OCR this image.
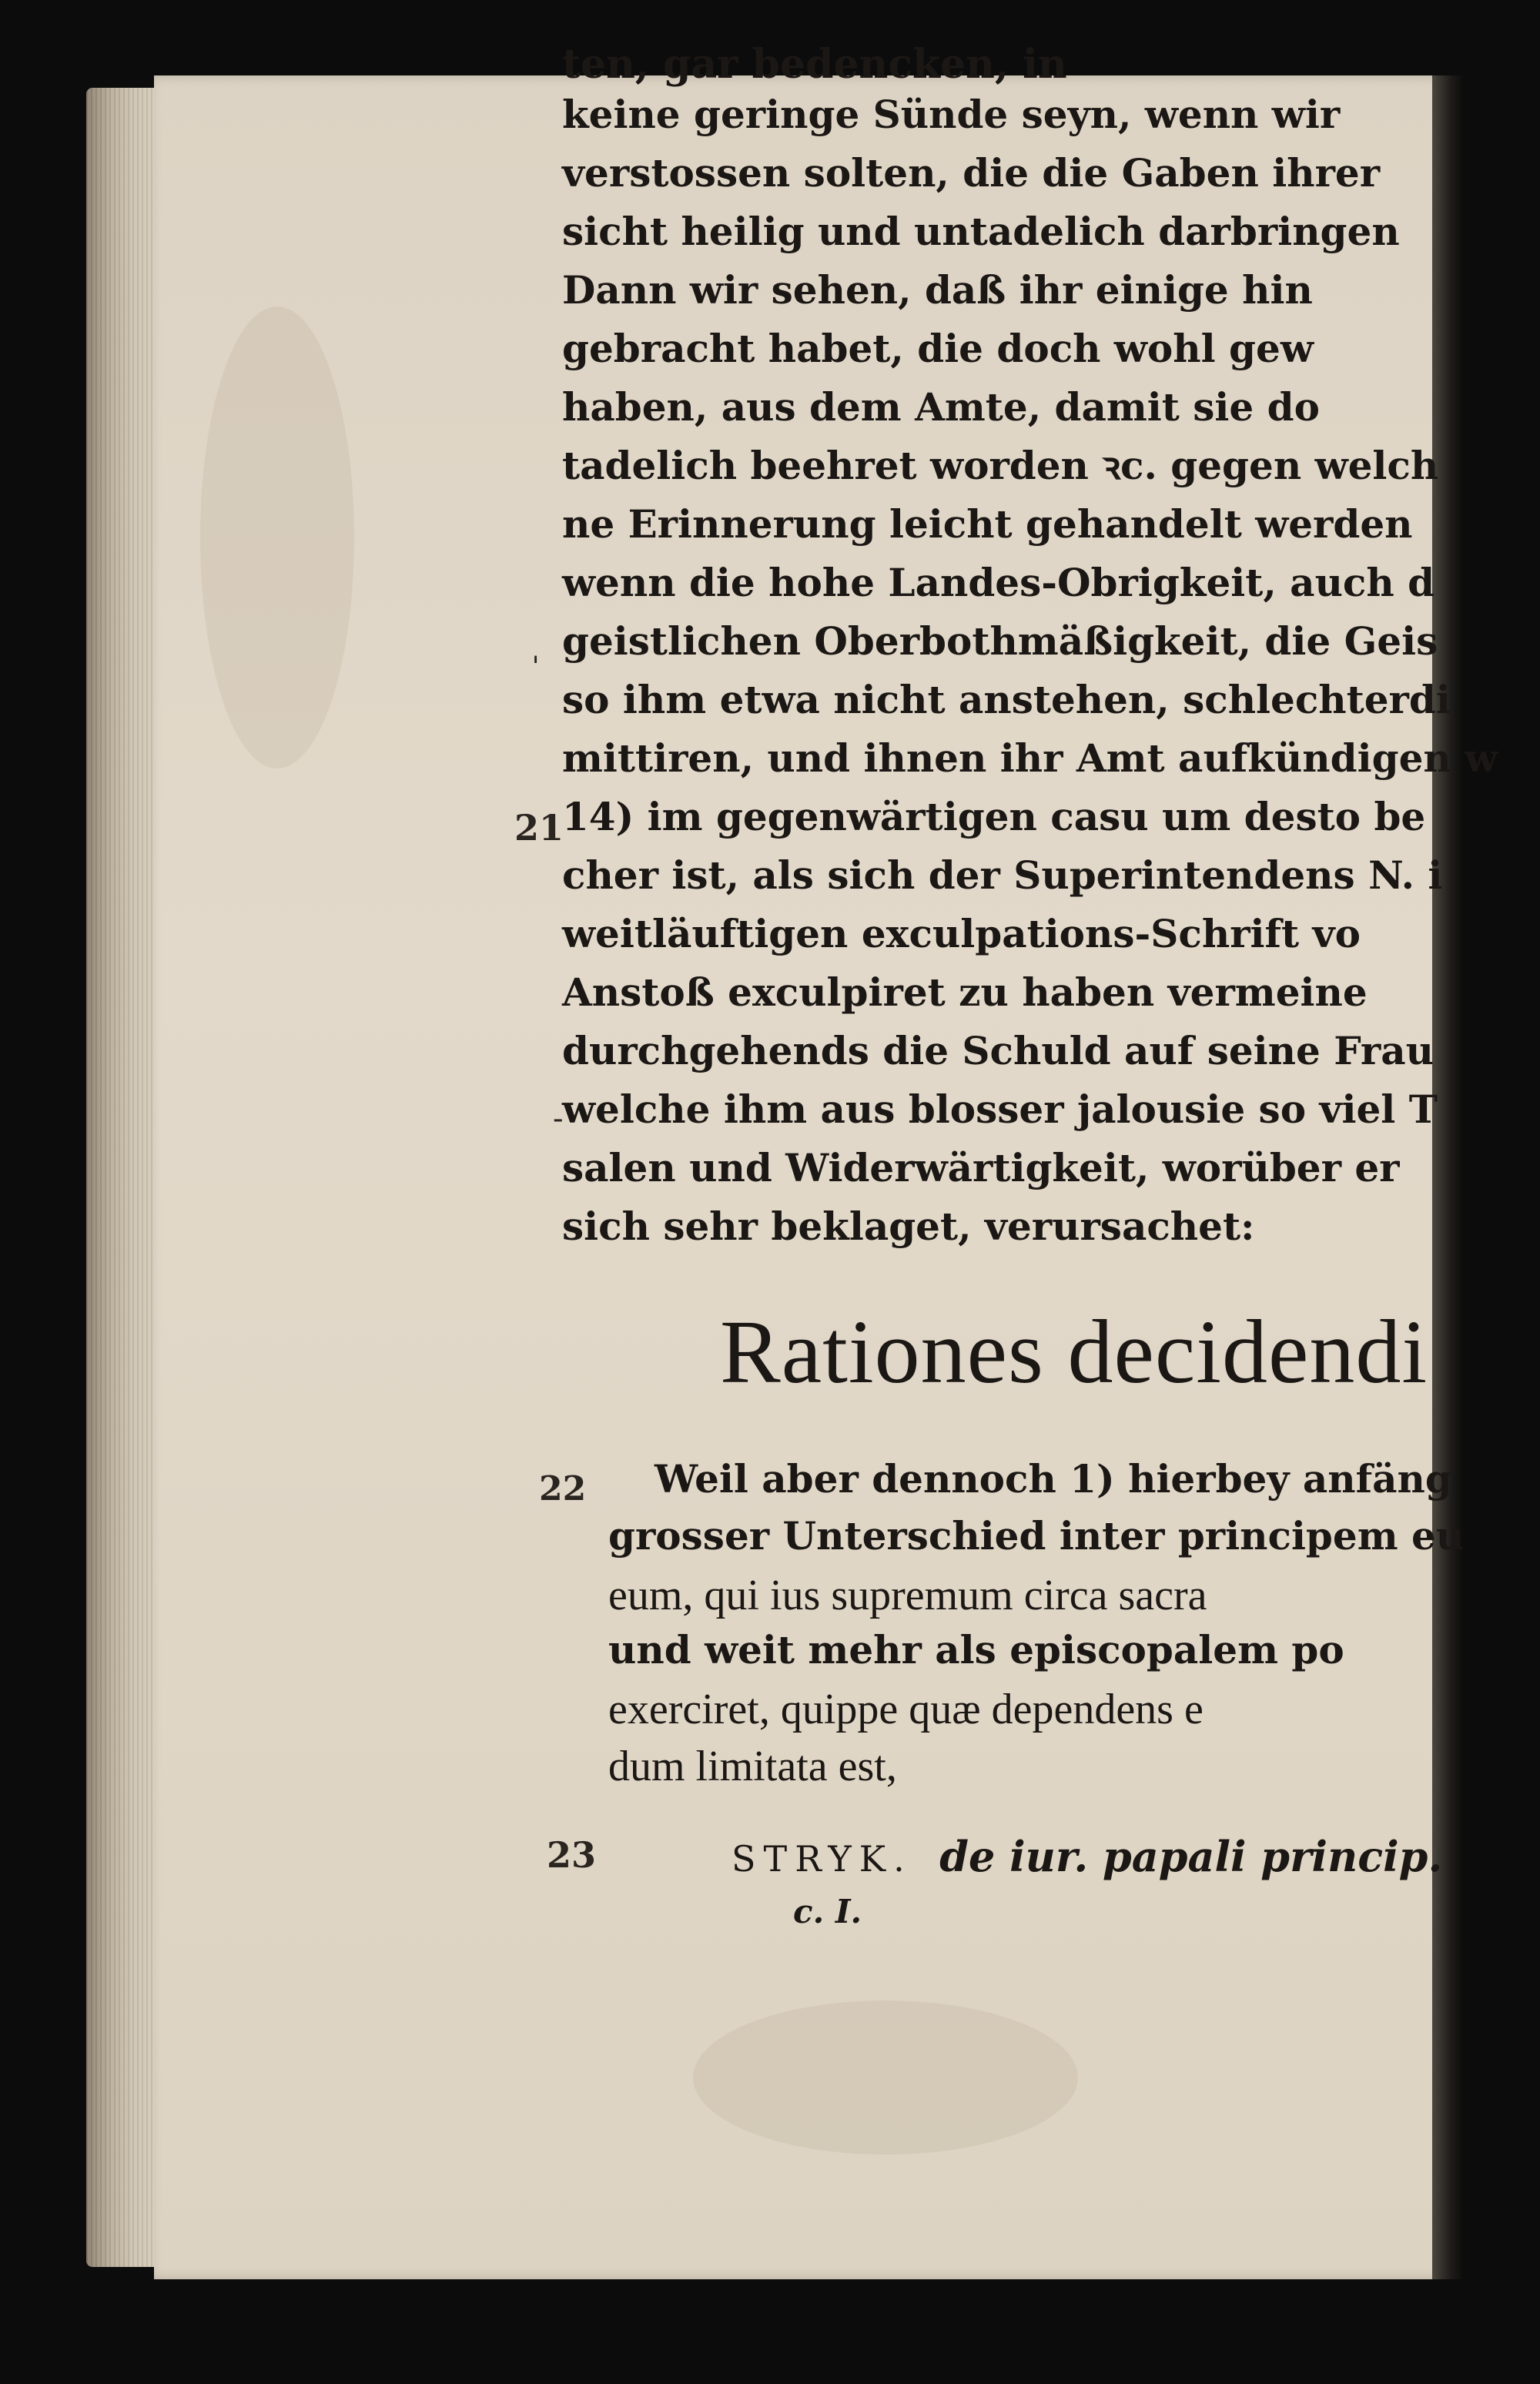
ten, gar bedencken, in

keine geringe Sünde seyn, wenn wir

verstossen solten, die die Gaben ihrer

sicht heilig und untadelich darbringen

Dann wir sehen, daß ihr einige hin

gebracht habet, die doch wohl gew

haben, aus dem Amte, damit sie do

tadelich beehret worden ꝛc. gegen welch

ne Erinnerung leicht gehandelt werden

wenn die hohe Landes-Obrigkeit, auch d

geistlichen Oberbothmäßigkeit, die Geis

so ihm etwa nicht anstehen, schlechterdi

mittiren, und ihnen ihr Amt aufkündigen w

14) im gegenwärtigen casu um desto be

cher ist, als sich der Superintendens N. i

weitläuftigen exculpations-Schrift vo

Anstoß exculpiret zu haben vermeine

durchgehends die Schuld auf seine Frau

welche ihm aus blosser jalousie so viel T

salen und Widerwärtigkeit, worüber er

sich sehr beklaget, verursachet:

ˌ
21
-
Rationes decidendi
22 Weil aber dennoch 1) hierbey anfäng

grosser Unterschied inter principem eu

eum, qui ius supremum circa sacra

und weit mehr als episcopalem po

exerciret, quippe quæ dependens e

dum limitata est,

23	STRYK. de iur. papali princip.

c. I.
